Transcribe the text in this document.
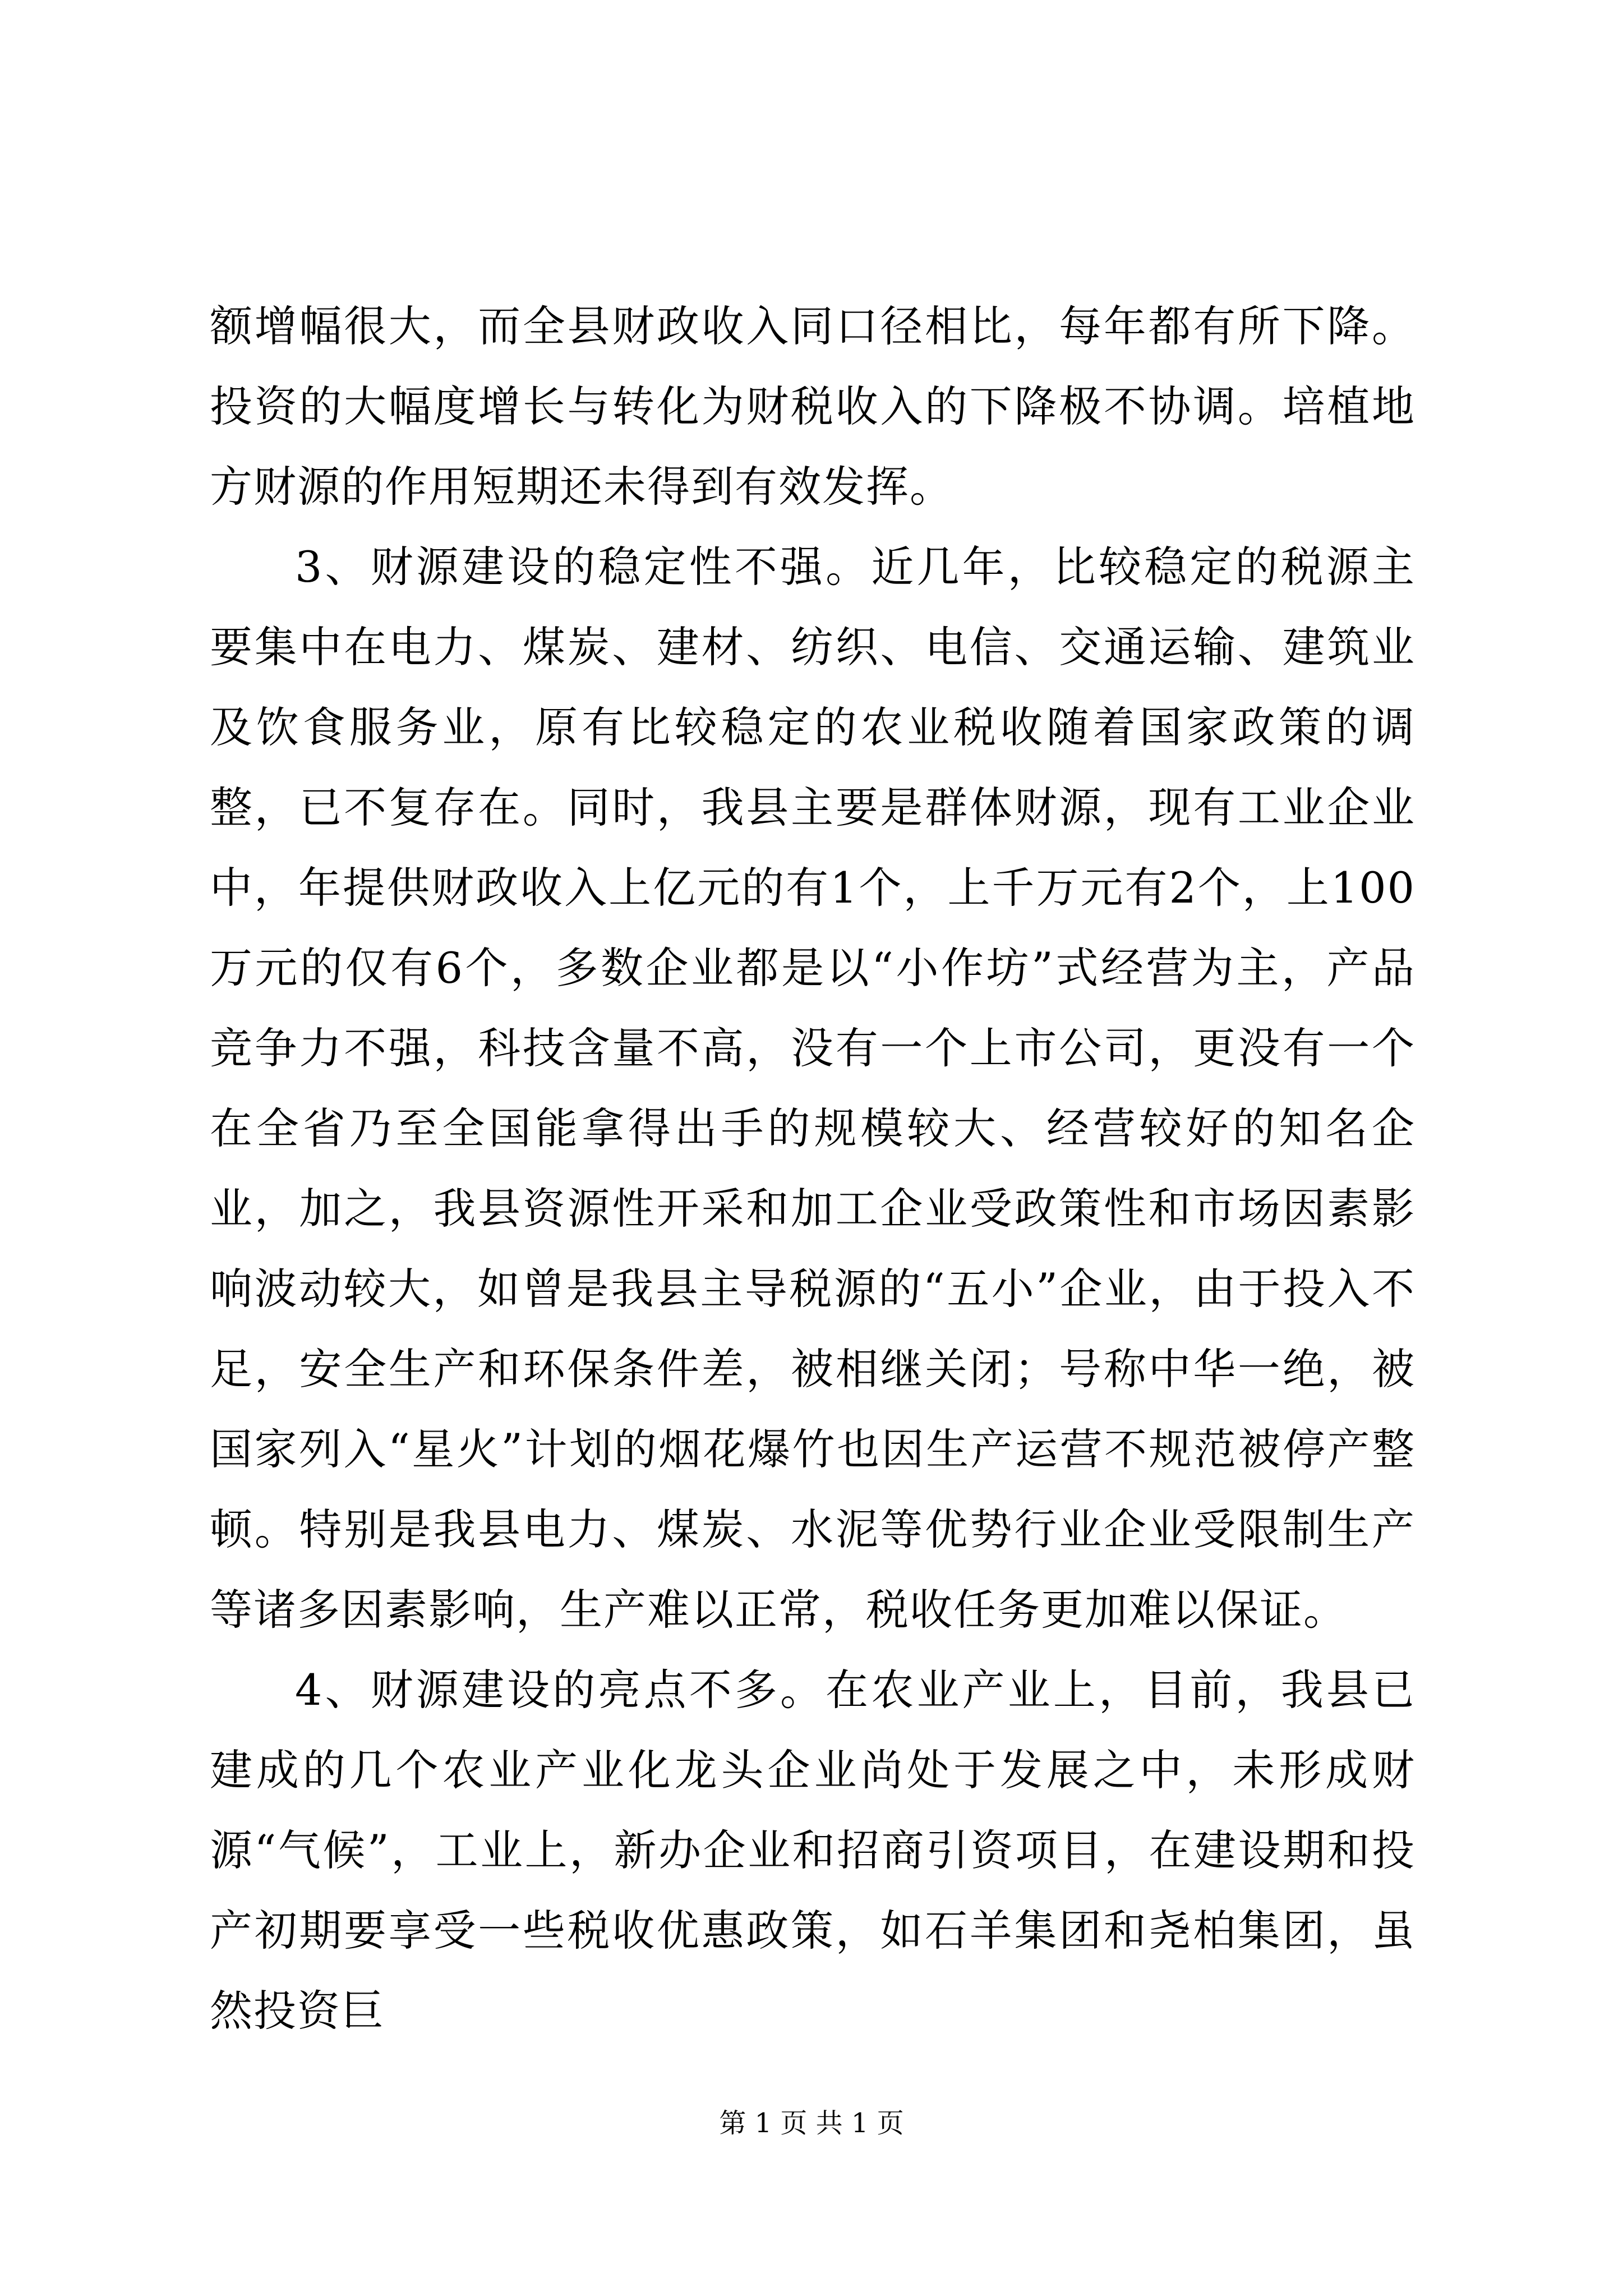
额增幅很大，而全县财政收入同口径相比，每年都有所下降。投资的大幅度增长与转化为财税收入的下降极不协调。培植地方财源的作用短期还未得到有效发挥。

3、财源建设的稳定性不强。近几年，比较稳定的税源主要集中在电力、煤炭、建材、纺织、电信、交通运输、建筑业及饮食服务业，原有比较稳定的农业税收随着国家政策的调整，已不复存在。同时，我县主要是群体财源，现有工业企业中，年提供财政收入上亿元的有1个，上千万元有2个，上100万元的仅有6个，多数企业都是以“小作坊”式经营为主，产品竞争力不强，科技含量不高，没有一个上市公司，更没有一个在全省乃至全国能拿得出手的规模较大、经营较好的知名企业，加之，我县资源性开采和加工企业受政策性和市场因素影响波动较大，如曾是我县主导税源的“五小”企业，由于投入不足，安全生产和环保条件差，被相继关闭；号称中华一绝，被国家列入“星火”计划的烟花爆竹也因生产运营不规范被停产整顿。特别是我县电力、煤炭、水泥等优势行业企业受限制生产等诸多因素影响，生产难以正常，税收任务更加难以保证。

4、财源建设的亮点不多。在农业产业上，目前，我县已建成的几个农业产业化龙头企业尚处于发展之中，未形成财源“气候”，工业上，新办企业和招商引资项目，在建设期和投产初期要享受一些税收优惠政策，如石羊集团和尧柏集团，虽然投资巨

第 1 页 共 1 页
